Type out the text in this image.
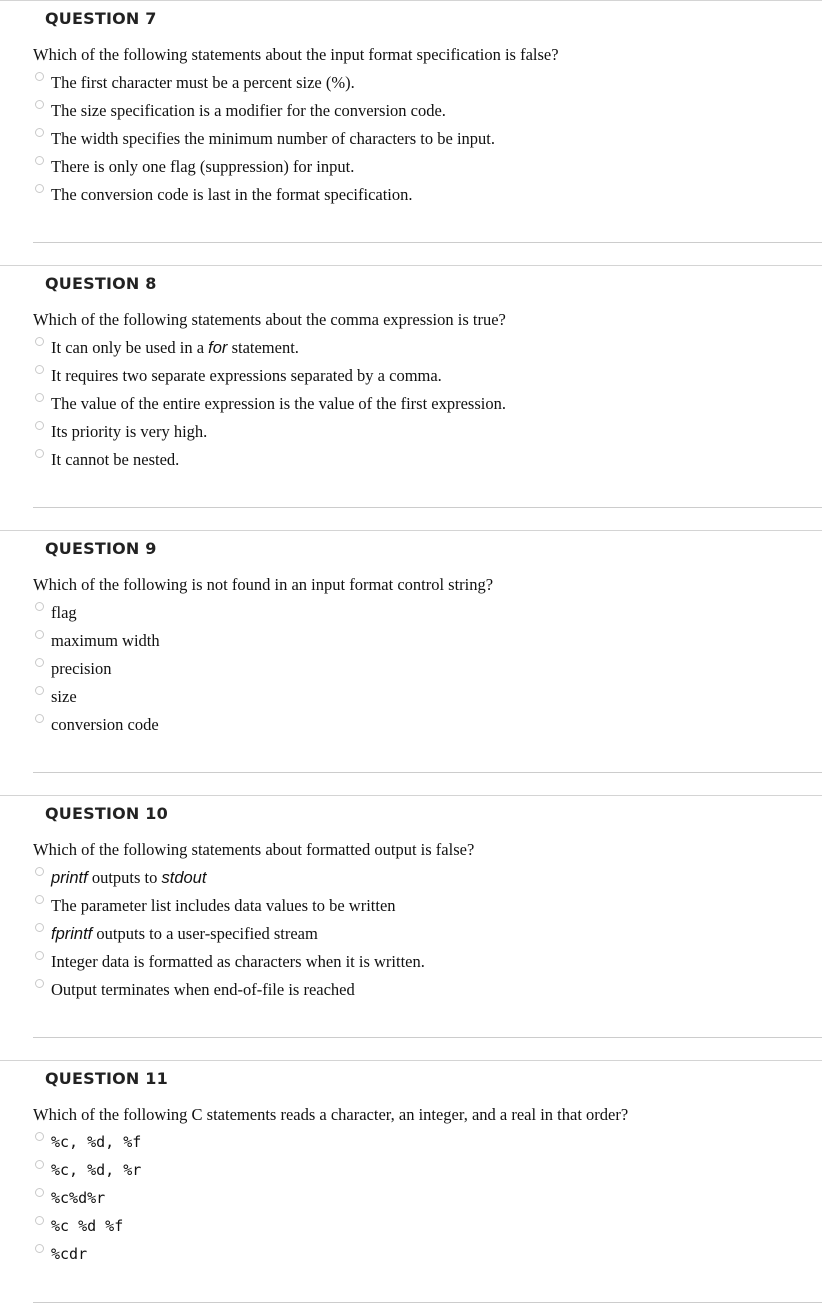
QUESTION 7
Which of the following statements about the input format specification is false?
The first character must be a percent size (%).
The size specification is a modifier for the conversion code.
The width specifies the minimum number of characters to be input.
There is only one flag (suppression) for input.
The conversion code is last in the format specification.
QUESTION 8
Which of the following statements about the comma expression is true?
It can only be used in a for statement.
It requires two separate expressions separated by a comma.
The value of the entire expression is the value of the first expression.
Its priority is very high.
It cannot be nested.
QUESTION 9
Which of the following is not found in an input format control string?
flag
maximum width
precision
size
conversion code
QUESTION 10
Which of the following statements about formatted output is false?
printf outputs to stdout
The parameter list includes data values to be written
fprintf outputs to a user-specified stream
Integer data is formatted as characters when it is written.
Output terminates when end-of-file is reached
QUESTION 11
Which of the following C statements reads a character, an integer, and a real in that order?
%c, %d, %f
%c, %d, %r
%c%d%r
%c %d %f
%cdr
